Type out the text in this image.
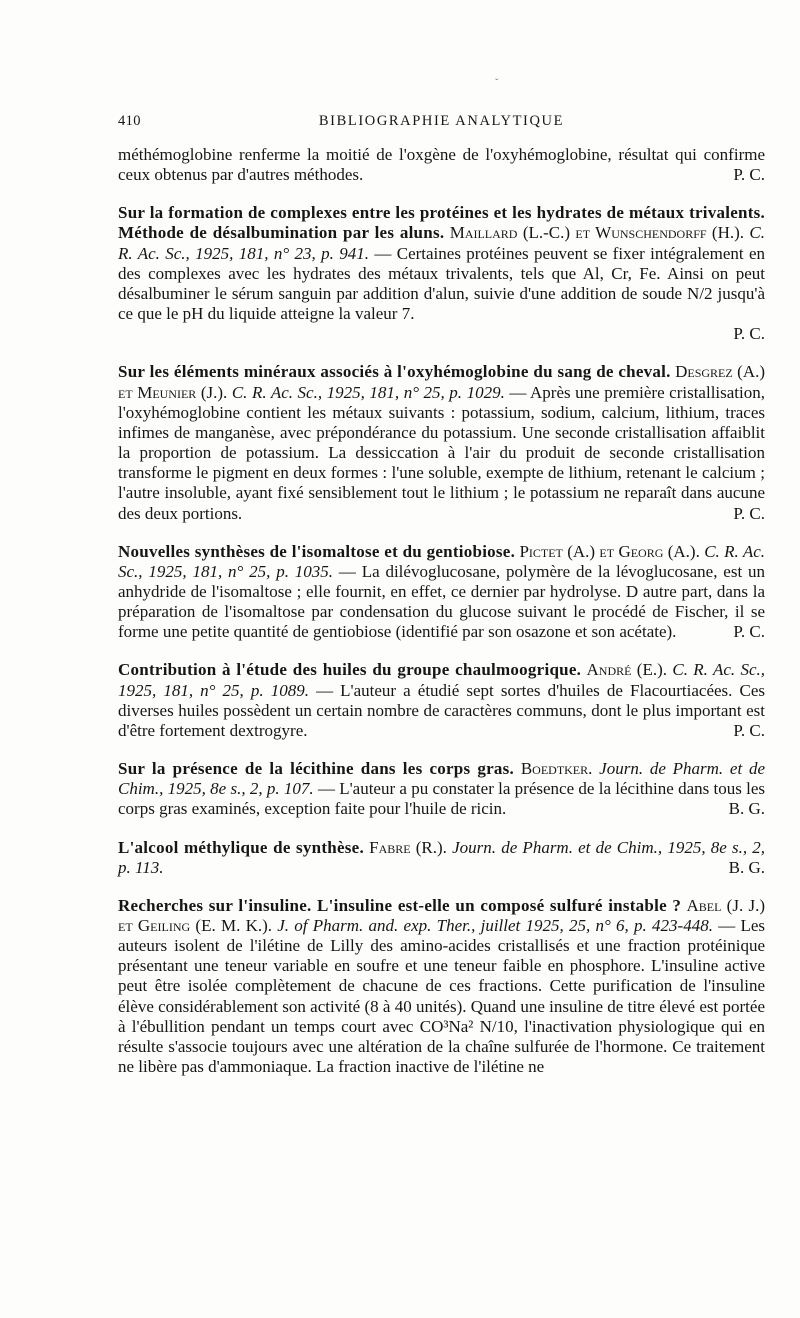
ˇ
410	BIBLIOGRAPHIE ANALYTIQUE

méthémoglobine renferme la moitié de l'oxgène de l'oxyhémoglobine, résultat qui confirme ceux obtenus par d'autres méthodes.	P. C.

Sur la formation de complexes entre les protéines et les hydrates de métaux trivalents. Méthode de désalbumination par les aluns. Maillard (L.-C.) et Wunschendorff (H.). C. R. Ac. Sc., 1925, 181, n° 23, p. 941. — Certaines protéines peuvent se fixer intégralement en des complexes avec les hydrates des métaux trivalents, tels que Al, Cr, Fe. Ainsi on peut désalbuminer le sérum sanguin par addition d'alun, suivie d'une addition de soude N/2 jusqu'à ce que le pH du liquide atteigne la valeur 7.
P. C.

Sur les éléments minéraux associés à l'oxyhémoglobine du sang de cheval. Desgrez (A.) et Meunier (J.). C. R. Ac. Sc., 1925, 181, n° 25, p. 1029. — Après une première cristallisation, l'oxyhémoglobine contient les métaux suivants : potassium, sodium, calcium, lithium, traces infimes de manganèse, avec prépondérance du potassium. Une seconde cristallisation affaiblit la proportion de potassium. La dessiccation à l'air du produit de seconde cristallisation transforme le pigment en deux formes : l'une soluble, exempte de lithium, retenant le calcium ; l'autre insoluble, ayant fixé sensiblement tout le lithium ; le potassium ne reparaît dans aucune des deux portions.	P. C.

Nouvelles synthèses de l'isomaltose et du gentiobiose. Pictet (A.) et Georg (A.). C. R. Ac. Sc., 1925, 181, n° 25, p. 1035. — La dilévoglucosane, polymère de la lévoglucosane, est un anhydride de l'isomaltose ; elle fournit, en effet, ce dernier par hydrolyse. D autre part, dans la préparation de l'isomaltose par condensation du glucose suivant le procédé de Fischer, il se forme une petite quantité de gentiobiose (identifié par son osazone et son acétate).	P. C.

Contribution à l'étude des huiles du groupe chaulmoogrique. André (E.). C. R. Ac. Sc., 1925, 181, n° 25, p. 1089. — L'auteur a étudié sept sortes d'huiles de Flacourtiacées. Ces diverses huiles possèdent un certain nombre de caractères communs, dont le plus important est d'être fortement dextrogyre.	P. C.

Sur la présence de la lécithine dans les corps gras. Boedtker. Journ. de Pharm. et de Chim., 1925, 8e s., 2, p. 107. — L'auteur a pu constater la présence de la lécithine dans tous les corps gras examinés, exception faite pour l'huile de ricin.	B. G.

L'alcool méthylique de synthèse. Fabre (R.). Journ. de Pharm. et de Chim., 1925, 8e s., 2, p. 113.	B. G.

Recherches sur l'insuline. L'insuline est-elle un composé sulfuré instable ? Abel (J. J.) et Geiling (E. M. K.). J. of Pharm. and. exp. Ther., juillet 1925, 25, n° 6, p. 423-448. — Les auteurs isolent de l'ilétine de Lilly des amino-acides cristallisés et une fraction protéinique présentant une teneur variable en soufre et une teneur faible en phosphore. L'insuline active peut être isolée complètement de chacune de ces fractions. Cette purification de l'insuline élève considérablement son activité (8 à 40 unités). Quand une insuline de titre élevé est portée à l'ébullition pendant un temps court avec CO³Na² N/10, l'inactivation physiologique qui en résulte s'associe toujours avec une altération de la chaîne sulfurée de l'hormone. Ce traitement ne libère pas d'ammoniaque. La fraction inactive de l'ilétine ne
